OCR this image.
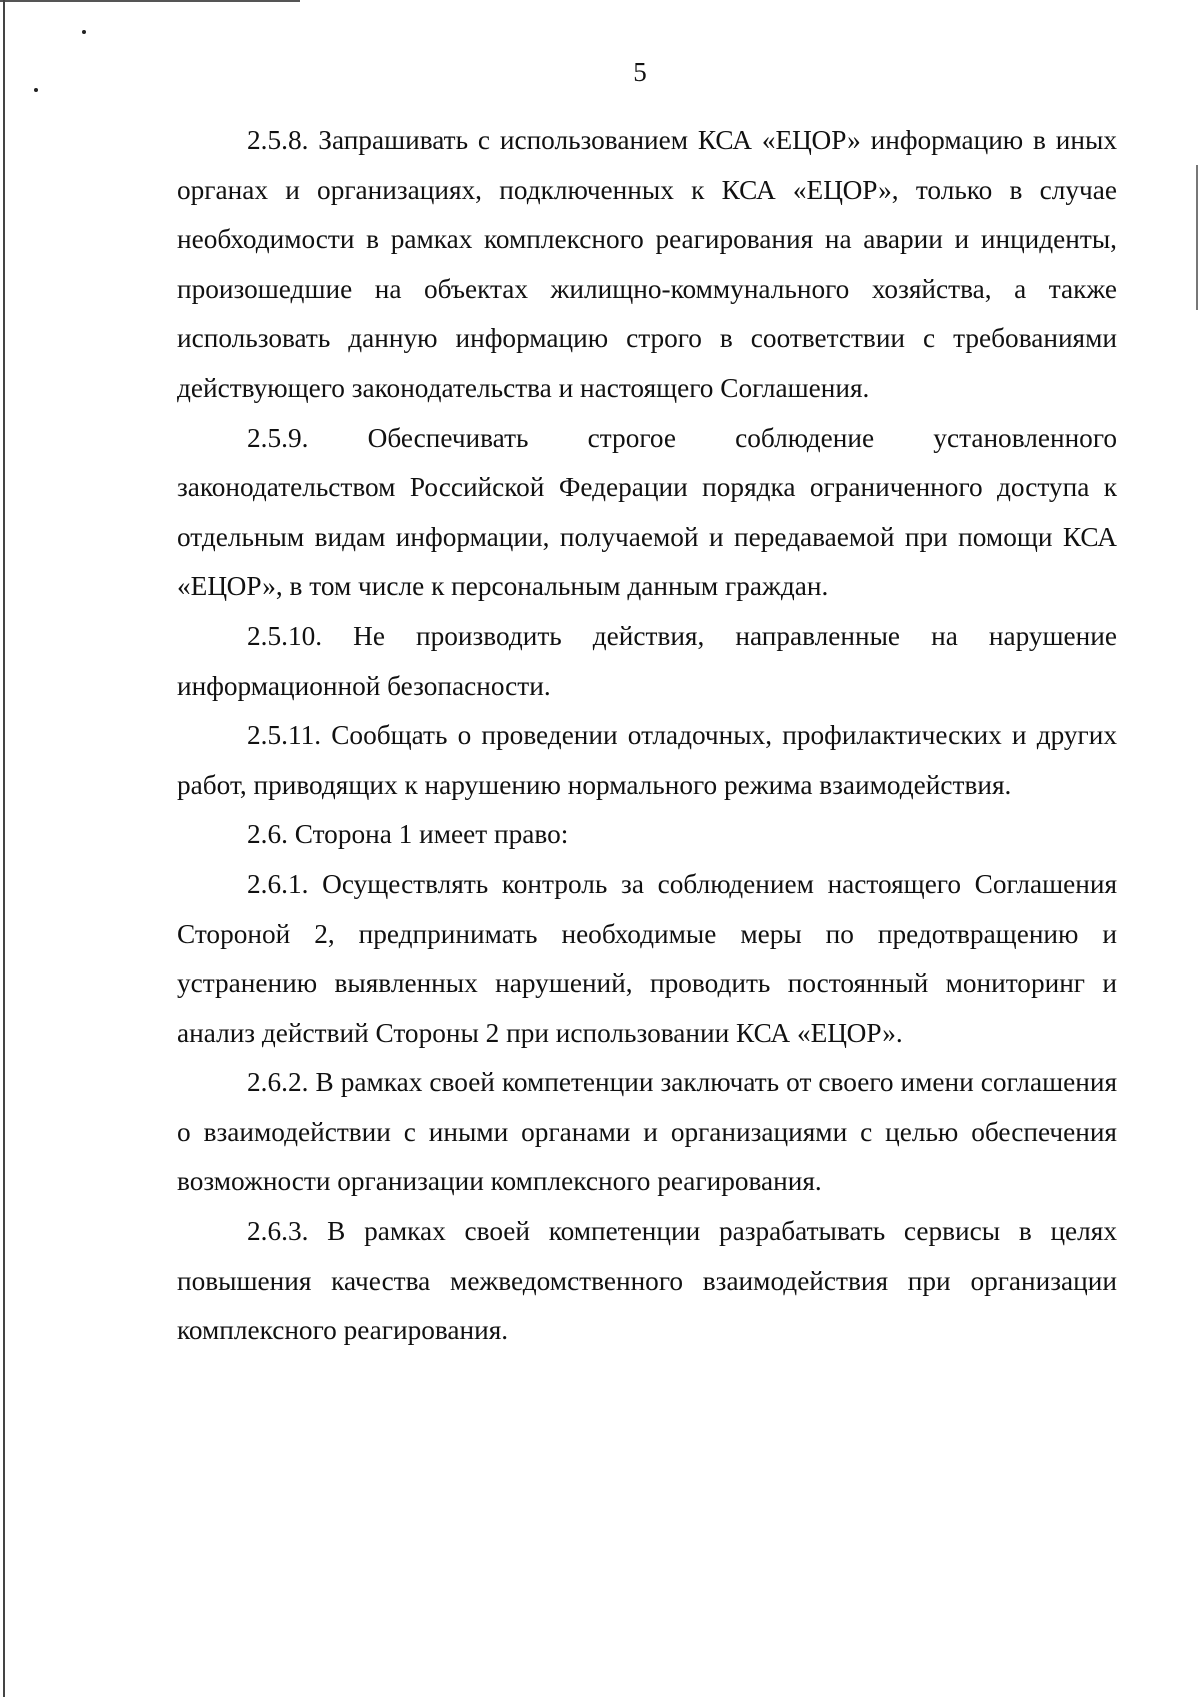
5

2.5.8. Запрашивать с использованием КСА «ЕЦОР» информацию в иных органах и организациях, подключенных к КСА «ЕЦОР», только в случае необходимости в рамках комплексного реагирования на аварии и инциденты, произошедшие на объектах жилищно-коммунального хозяйства, а также использовать данную информацию строго в соответствии с требованиями действующего законодательства и настоящего Соглашения.

2.5.9. Обеспечивать строгое соблюдение установленного законодательством Российской Федерации порядка ограниченного доступа к отдельным видам информации, получаемой и передаваемой при помощи КСА «ЕЦОР», в том числе к персональным данным граждан.

2.5.10. Не производить действия, направленные на нарушение информационной безопасности.

2.5.11. Сообщать о проведении отладочных, профилактических и других работ, приводящих к нарушению нормального режима взаимодействия.

2.6. Сторона 1 имеет право:

2.6.1. Осуществлять контроль за соблюдением настоящего Соглашения Стороной 2, предпринимать необходимые меры по предотвращению и устранению выявленных нарушений, проводить постоянный мониторинг и анализ действий Стороны 2 при использовании КСА «ЕЦОР».

2.6.2. В рамках своей компетенции заключать от своего имени соглашения о взаимодействии с иными органами и организациями с целью обеспечения возможности организации комплексного реагирования.

2.6.3. В рамках своей компетенции разрабатывать сервисы в целях повышения качества межведомственного взаимодействия при организации комплексного реагирования.
